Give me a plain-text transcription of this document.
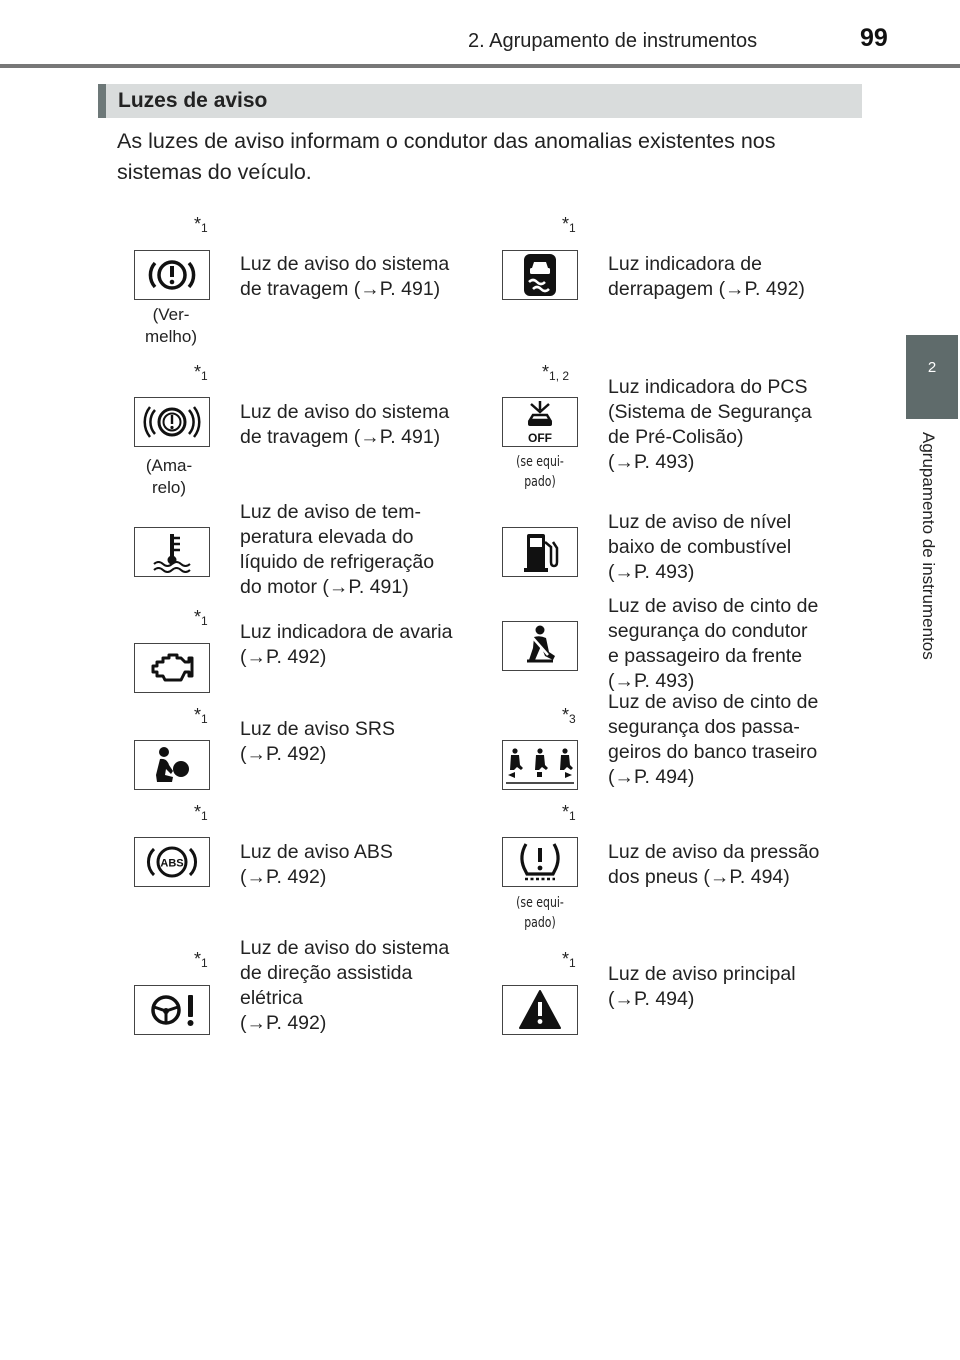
2. Agrupamento de instrumentos	99
2
Agrupamento de instrumentos
Luzes de aviso
As luzes de aviso informam o condutor das anomalias existentes nos sistemas do veículo.
$*_1$
(Ver-
melho)
Luz de aviso do sistema
de travagem (→P. 491)
$*_1$
Luz indicadora de
derrapagem (→P. 492)
$*_1$
(Ama-
relo)
Luz de aviso do sistema
de travagem (→P. 491)
$*_{1, 2}$
OFF
(se equi-
pado)
Luz indicadora do PCS
(Sistema de Segurança
de Pré-Colisão)
(→P. 493)
Luz de aviso de tem-
peratura elevada do
líquido de refrigeração
do motor (→P. 491)
Luz de aviso de nível
baixo de combustível
(→P. 493)
$*_1$ Luz indicadora de avaria
(→P. 492)
Luz de aviso de cinto de
segurança do condutor
e passageiro da frente
(→P. 493)
$*_1$ Luz de aviso SRS
(→P. 492)
$*_3$
Luz de aviso de cinto de
segurança dos passa-
geiros do banco traseiro
(→P. 494)
$*_1$
ABS
Luz de aviso ABS
(→P. 492)
$*_1$
(se equi-
pado)
Luz de aviso da pressão
dos pneus (→P. 494)
$*_1$
Luz de aviso do sistema
de direção assistida
elétrica
(→P. 492)
$*_1$ Luz de aviso principal
(→P. 494)
